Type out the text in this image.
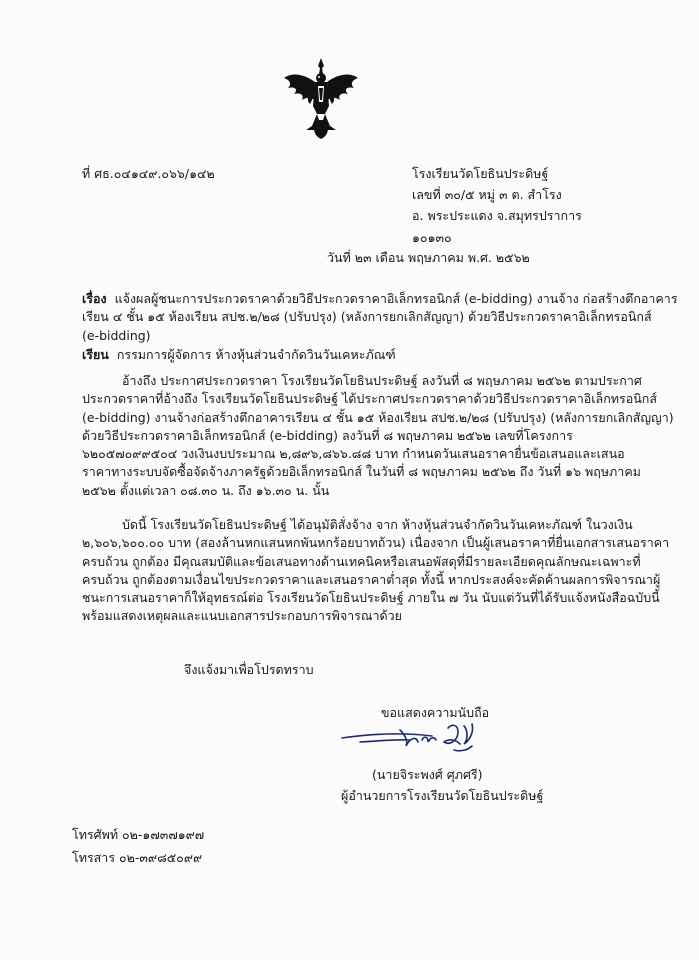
ที่ ศธ.๐๔๑๔๙.๐๖๖/๑๔๒	โรงเรียนวัดโยธินประดิษฐ์
เลขที่ ๓๐/๕ หมู่ ๓ ต. สำโรง
อ. พระประแดง จ.สมุทรปราการ
๑๐๑๓๐
วันที่ ๒๓ เดือน พฤษภาคม พ.ศ. ๒๕๖๒
เรื่อง แจ้งผลผู้ชนะการประกวดราคาด้วยวิธีประกวดราคาอิเล็กทรอนิกส์ (e-bidding) งานจ้าง ก่อสร้างตึกอาคาร
เรียน ๔ ชั้น ๑๕ ห้องเรียน สปช.๒/๒๘ (ปรับปรุง) (หลังการยกเลิกสัญญา) ด้วยวิธีประกวดราคาอิเล็กทรอนิกส์
(e-bidding)
เรียน กรรมการผู้จัดการ ห้างหุ้นส่วนจำกัดวินวันเคหะภัณฑ์
อ้างถึง ประกาศประกวดราคา โรงเรียนวัดโยธินประดิษฐ์ ลงวันที่ ๘ พฤษภาคม ๒๕๖๒ ตามประกาศ
ประกวดราคาที่อ้างถึง โรงเรียนวัดโยธินประดิษฐ์ ได้ประกาศประกวดราคาด้วยวิธีประกวดราคาอิเล็กทรอนิกส์
(e-bidding) งานจ้างก่อสร้างตึกอาคารเรียน ๔ ชั้น ๑๕ ห้องเรียน สปช.๒/๒๘ (ปรับปรุง) (หลังการยกเลิกสัญญา)
ด้วยวิธีประกวดราคาอิเล็กทรอนิกส์ (e-bidding) ลงวันที่ ๘ พฤษภาคม ๒๕๖๒ เลขที่โครงการ
๖๒๐๕๗๐๙๙๕๐๔ วงเงินงบประมาณ ๒,๘๙๖,๘๖๖.๘๘ บาท กำหนดวันเสนอราคายื่นข้อเสนอและเสนอ
ราคาทางระบบจัดซื้อจัดจ้างภาครัฐด้วยอิเล็กทรอนิกส์ ในวันที่ ๘ พฤษภาคม ๒๕๖๒ ถึง วันที่ ๑๖ พฤษภาคม
๒๕๖๒ ตั้งแต่เวลา ๐๘.๓๐ น. ถึง ๑๖.๓๐ น. นั้น
บัดนี้ โรงเรียนวัดโยธินประดิษฐ์ ได้อนุมัติสั่งจ้าง จาก ห้างหุ้นส่วนจำกัดวินวันเคหะภัณฑ์ ในวงเงิน
๒,๖๐๖,๖๐๐.๐๐ บาท (สองล้านหกแสนหกพันหกร้อยบาทถ้วน) เนื่องจาก เป็นผู้เสนอราคาที่ยื่นเอกสารเสนอราคา
ครบถ้วน ถูกต้อง มีคุณสมบัติและข้อเสนอทางด้านเทคนิคหรือเสนอพัสดุที่มีรายละเอียดคุณลักษณะเฉพาะที่
ครบถ้วน ถูกต้องตามเงื่อนไขประกวดราคาและเสนอราคาต่ำสุด ทั้งนี้ หากประสงค์จะคัดค้านผลการพิจารณาผู้
ชนะการเสนอราคาก็ให้อุทธรณ์ต่อ โรงเรียนวัดโยธินประดิษฐ์ ภายใน ๗ วัน นับแต่วันที่ได้รับแจ้งหนังสือฉบับนี้
พร้อมแสดงเหตุผลและแนบเอกสารประกอบการพิจารณาด้วย
จึงแจ้งมาเพื่อโปรดทราบ
ขอแสดงความนับถือ
(นายจิระพงศ์ ศุภศรี)
ผู้อำนวยการโรงเรียนวัดโยธินประดิษฐ์
โทรศัพท์ ๐๒-๑๗๓๗๑๙๗
โทรสาร ๐๒-๓๙๘๕๐๙๙
